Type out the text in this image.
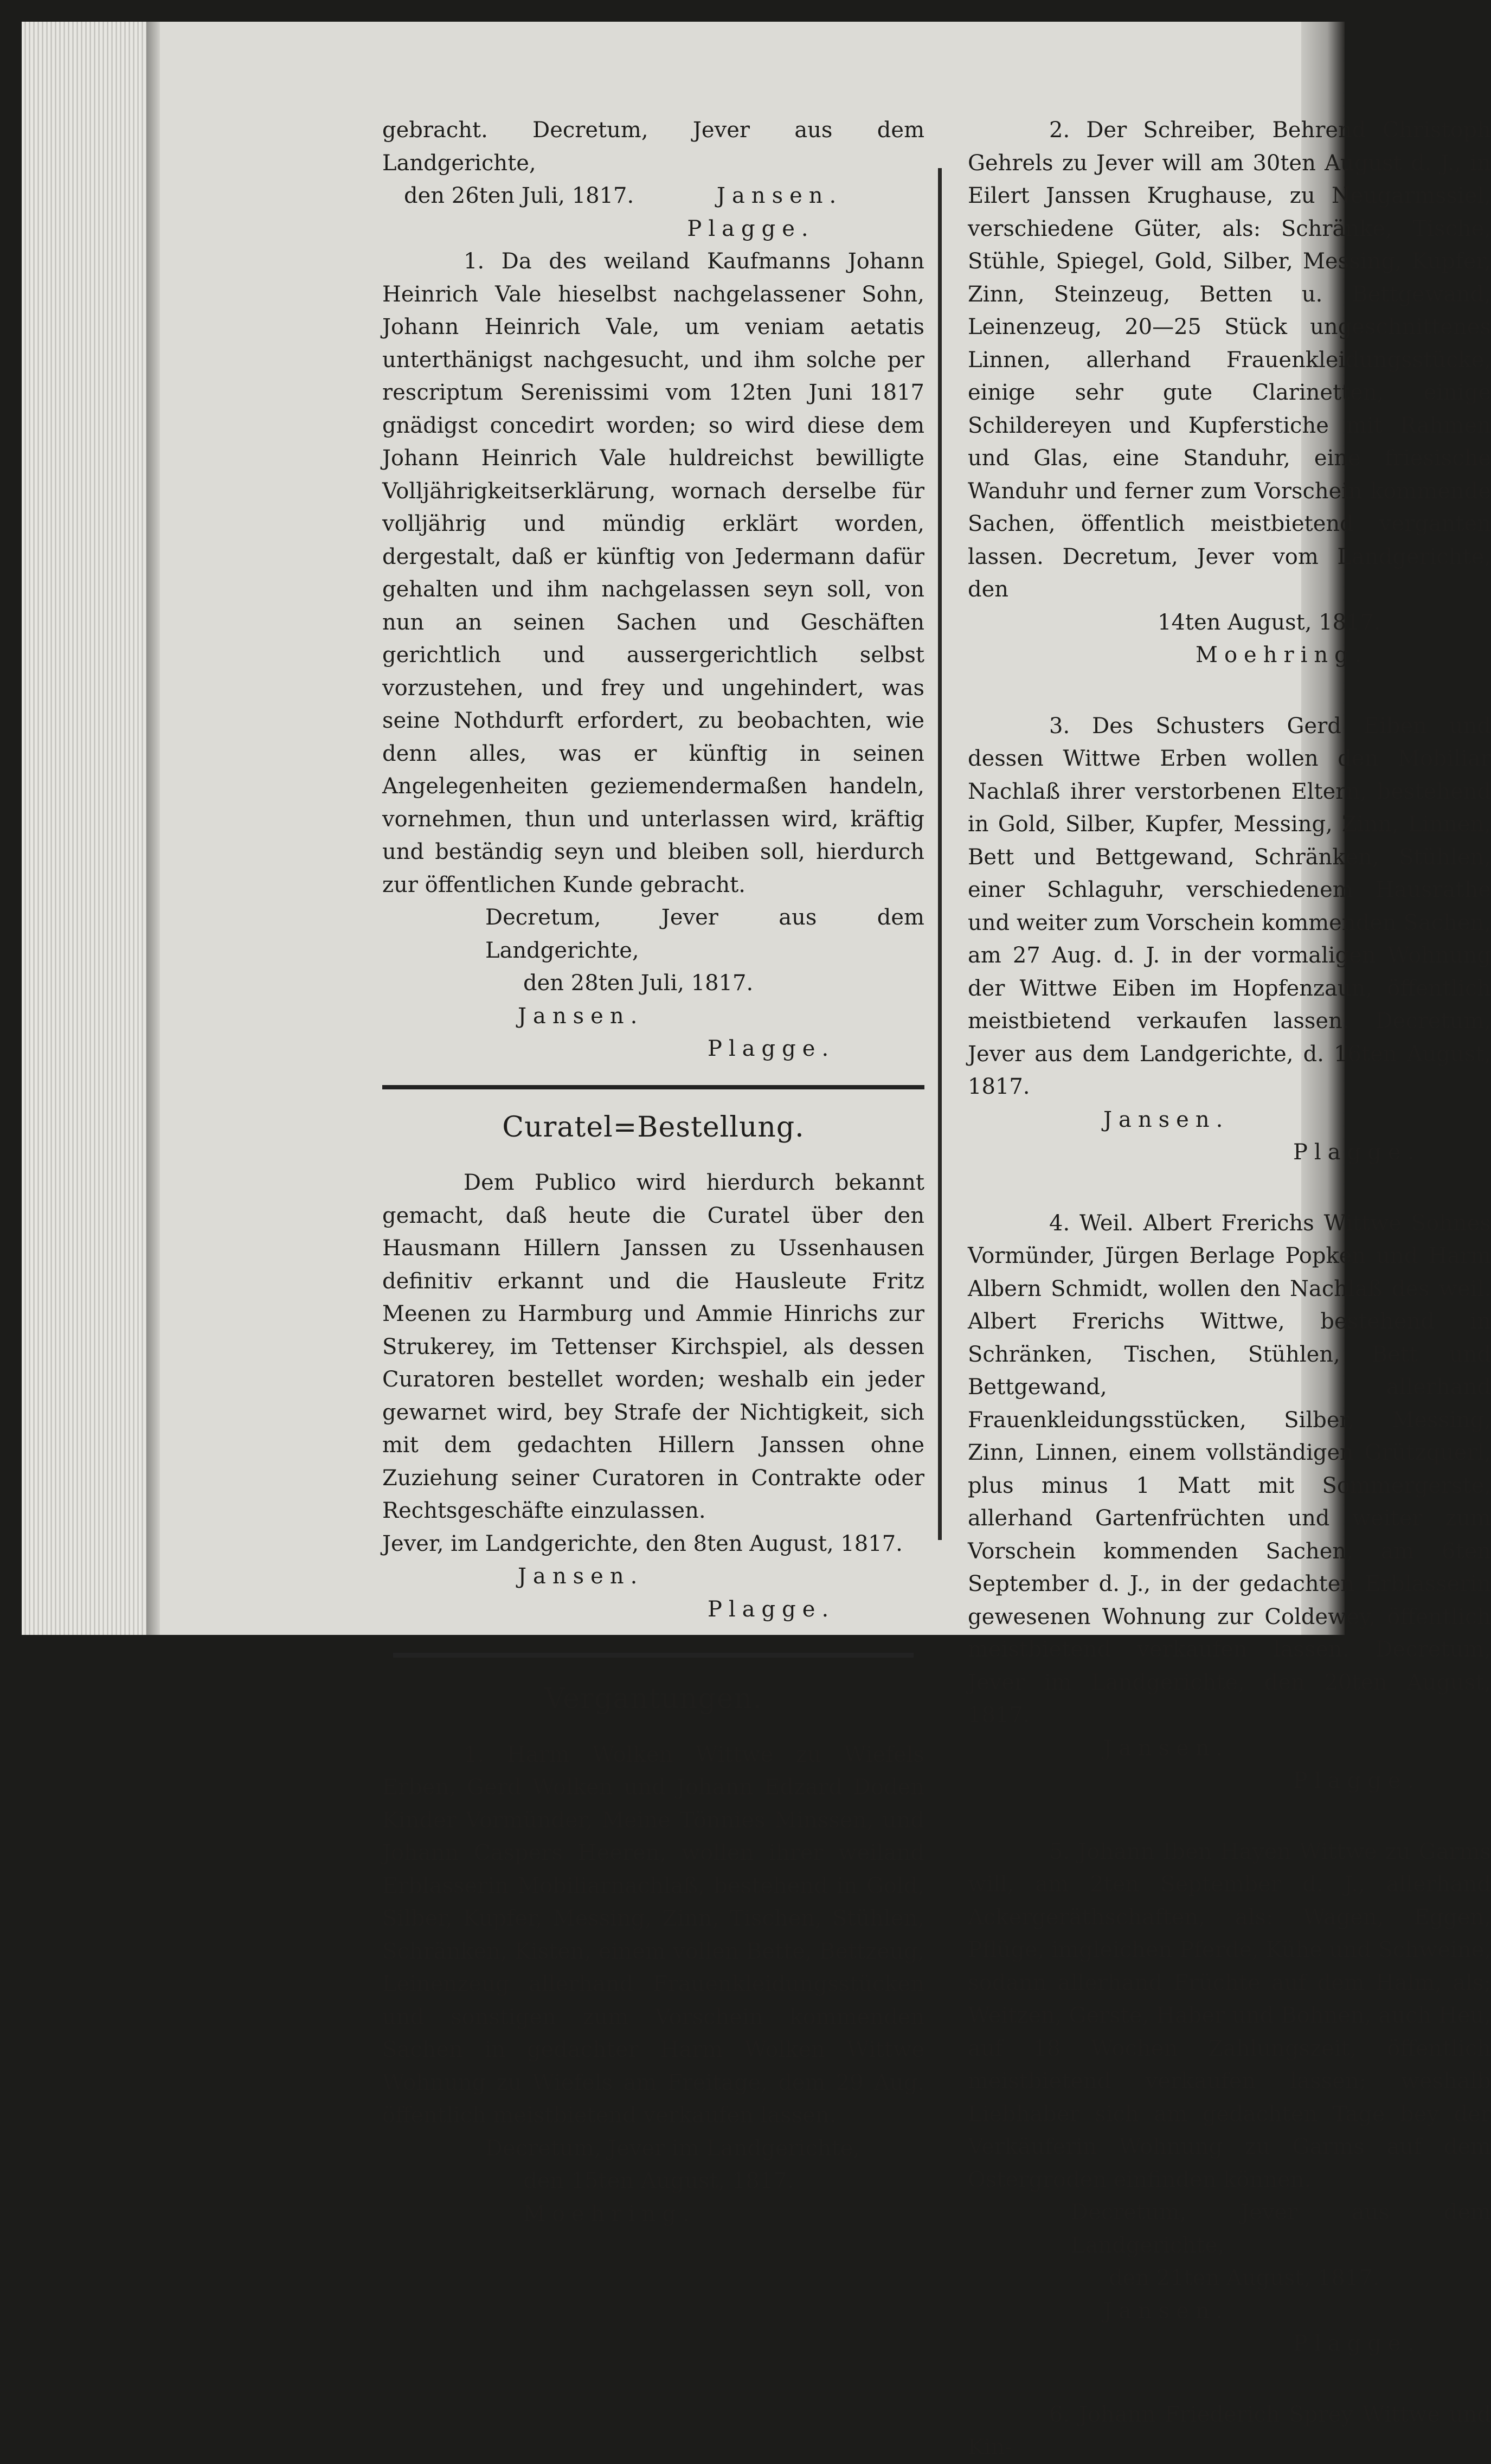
gebracht. Decretum, Jever aus dem Landgerichte,

den 26ten Juli, 1817.	Jansen.

Plagge.

1. Da des weiland Kaufmanns Johann Heinrich Vale hieselbst nachgelassener Sohn, Johann Heinrich Vale, um veniam aetatis unterthänigst nachgesucht, und ihm solche per rescriptum Serenissimi vom 12ten Juni 1817 gnädigst concedirt worden; so wird diese dem Johann Heinrich Vale huldreichst bewilligte Volljährigkeitserklärung, wornach derselbe für volljährig und mündig erklärt worden, dergestalt, daß er künftig von Jedermann dafür gehalten und ihm nachgelassen seyn soll, von nun an seinen Sachen und Geschäften gerichtlich und aussergerichtlich selbst vorzustehen, und frey und ungehindert, was seine Nothdurft erfordert, zu beobachten, wie denn alles, was er künftig in seinen Angelegenheiten geziemendermaßen handeln, vornehmen, thun und unterlassen wird, kräftig und beständig seyn und bleiben soll, hierdurch zur öffentlichen Kunde gebracht.

Decretum, Jever aus dem Landgerichte,

den 28ten Juli, 1817.

Jansen.

Plagge.

Curatel=Bestellung.

Dem Publico wird hierdurch bekannt gemacht, daß heute die Curatel über den Hausmann Hillern Janssen zu Ussenhausen definitiv erkannt und die Hausleute Fritz Meenen zu Harmburg und Ammie Hinrichs zur Strukerey, im Tettenser Kirchspiel, als dessen Curatoren bestellet worden; weshalb ein jeder gewarnet wird, bey Strafe der Nichtigkeit, sich mit dem gedachten Hillern Janssen ohne Zuziehung seiner Curatoren in Contrakte oder Rechtsgeschäfte einzulassen.

Jever, im Landgerichte, den 8ten August, 1817.

Jansen.

Plagge.

Vergantungen.

1. Harm Wolken Wittwe zu Wiefels Erben, Gerd Wolken und Johann Edzard Doden Kinder Vormünder, Meine Tönnies Minssen, und Johann Caspers Heeren, wollen ihrer weiland Erblasserin Mobiliarnachlaß, bestehend in Gold, Silber, Kupfer, Messing, Zinn, Tischen, Stühlen, Schränken, Kisten, einem vollen Bette, Bettzeug, Leinenzeug allerhand Frauenkleidungsstücken und sonstigen zum Vorschein kommenden Sachen in gedachter Harm Wolken Wittwe Wohnung zu Wiefels am Freitage, dem 29 Aug. öffentlich meistbietend verkaufen lassen.

Decretum, Jever im Landgerichte,

den 15ten August, 1817.

Moehring.

2. Der Schreiber, Behrend Christoph Gehrels zu Jever will am 30ten August d. J., in Eilert Janssen Krughause, zu Neugarmssiel, verschiedene Güter, als: Schränke, Tische, Stühle, Spiegel, Gold, Silber, Messing, Kupfer, Zinn, Steinzeug, Betten u. Bettgewand, Leinenzeug, 20—25 Stück ungeschnittenes Linnen, allerhand Frauenkleidungsstücke, einige sehr gute Clarinetten, einige Schildereyen und Kupferstiche mit Rahmen und Glas, eine Standuhr, eine friesische Wanduhr und ferner zum Vorschein kommende Sachen, öffentlich meistbietend verganten lassen. Decretum, Jever vom Landgerichte, den

14ten August, 1817.

Moehring.

3. Des Schusters Gerd Eiben und dessen Wittwe Erben wollen den Mobiliar Nachlaß ihrer verstorbenen Eltern, bestehend in Gold, Silber, Kupfer, Messing, Zinn, Linnen, Bett und Bettgewand, Schränken, Stühlen, einer Schlaguhr, verschiedenem Hausrathe und weiter zum Vorschein kommenden Sachen, am 27 Aug. d. J. in der vormaligen Wohnung der Wittwe Eiben im Hopfenzaun, öffentlich meistbietend verkaufen lassen. Decretum, Jever aus dem Landgerichte, d. 16ten August, 1817.

Jansen.

Plagge.

4. Weil. Albert Frerichs Wittwe Sohnes Vormünder, Jürgen Berlage Popken und Harm Albern Schmidt, wollen den Nachlaß des weil. Albert Frerichs Wittwe, bestehend in Schränken, Tischen, Stühlen, Bett und Bettgewand, allerhand Frauenkleidungsstücken, Silber, Messing, Zinn, Linnen, einem vollständigen Grützquerl, plus minus 1 Matt mit Sommergerste, allerhand Gartenfrüchten und weiter zum Vorschein kommenden Sachen, am 6ten September d. J., in der gedachten Erblasserin gewesenen Wohnung zur Coldewey, öffentlich meistbietend verkaufen lassen. Decretum, Jever im Landgerichte, den 20ten August, 1817.

Jansen.

Plagge.

5. Johann Iben Hayen Wittwe zu Garms will, am 2ten September d. J., allerhand Ackergeräthschaften, als: Wagen, Eggen, Pflüge, imgleichen Pferde, Kühe und Schweine, sodann allerhand Früchte auf dem Halm, als; Weitzen, Gerste, Haber und Bohnen, auch Heu, auf 18 Wochen Zahlungszeit, öffentlich meistbietend verkaufen lassen; weshalb Liebhaber sich am gedachten Tage bey der Verkäuferin Wohnung zu Garms auf dem Ostergroden einfinden können.

Decretum, Jever aus dem Landgerichte,

den 21ten August, 1817.

Jansen.

Plagge.

6. Johann Friederich Sprey Wittwe und Kin-
